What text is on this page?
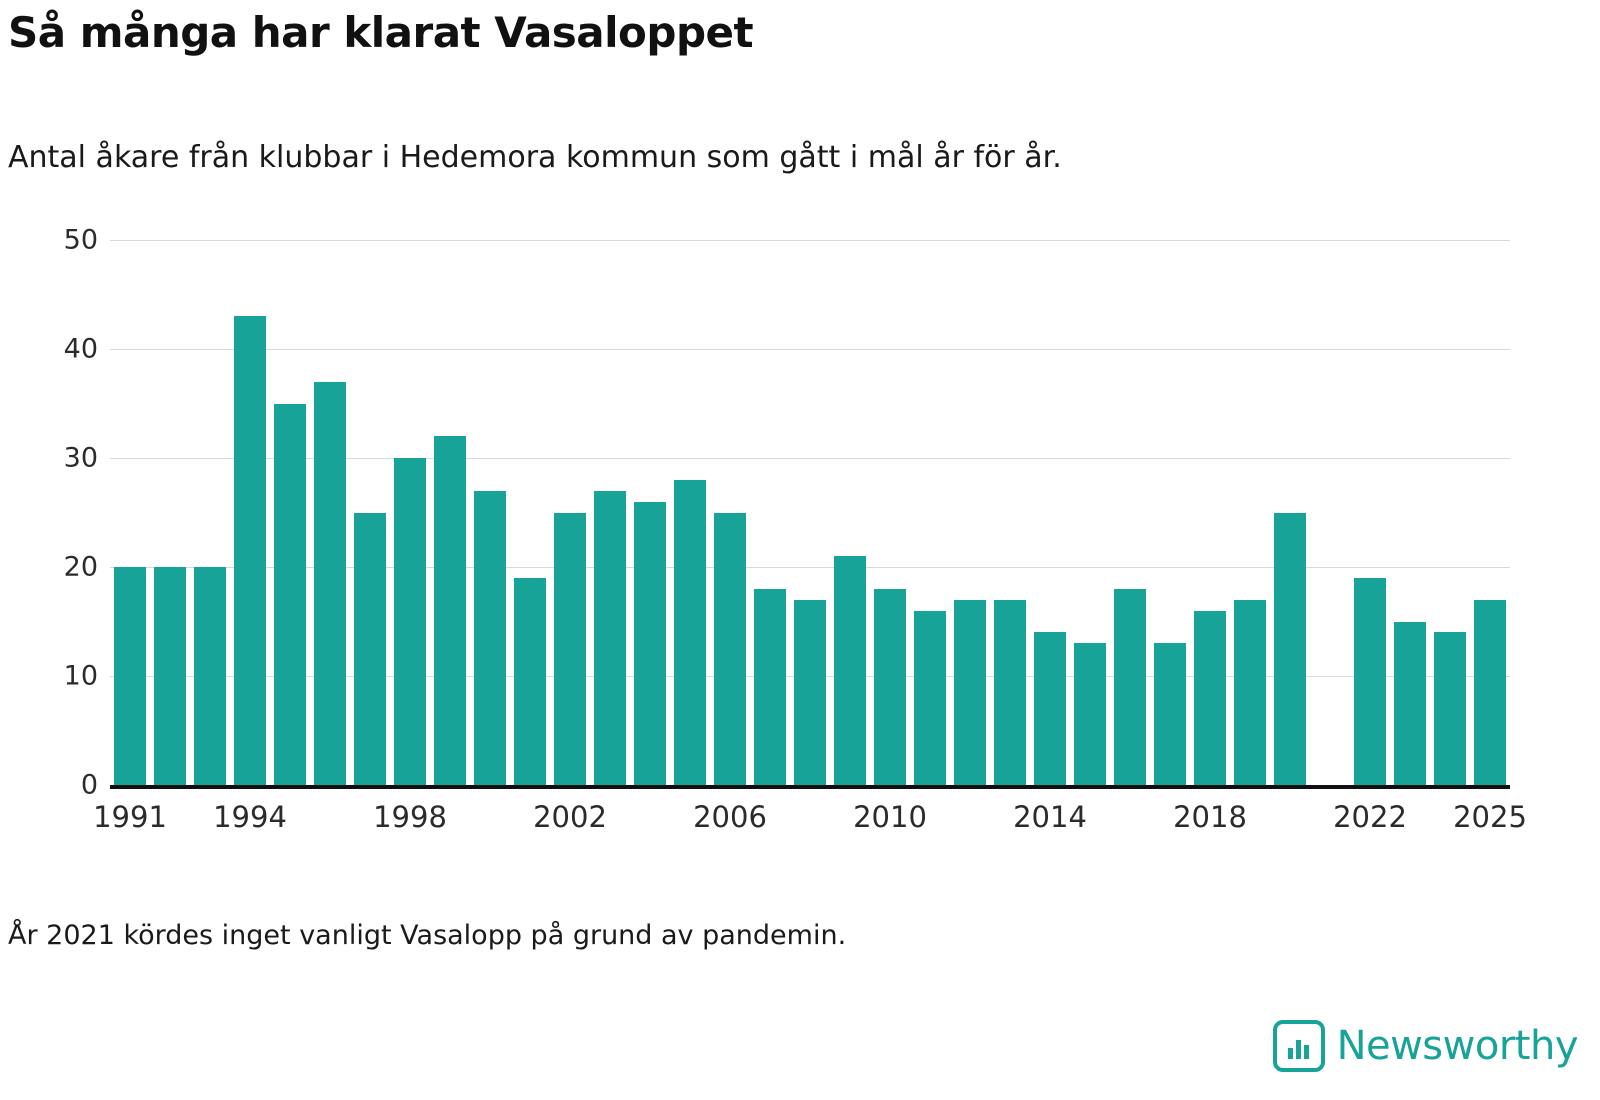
Så många har klarat Vasaloppet
Antal åkare från klubbar i Hedemora kommun som gått i mål år för år.
0
10
20
30
40
50
1991 1994	1998	2002	2006	2010	2014	2018	2022 2025
År 2021 kördes inget vanligt Vasalopp på grund av pandemin.
Newsworthy
